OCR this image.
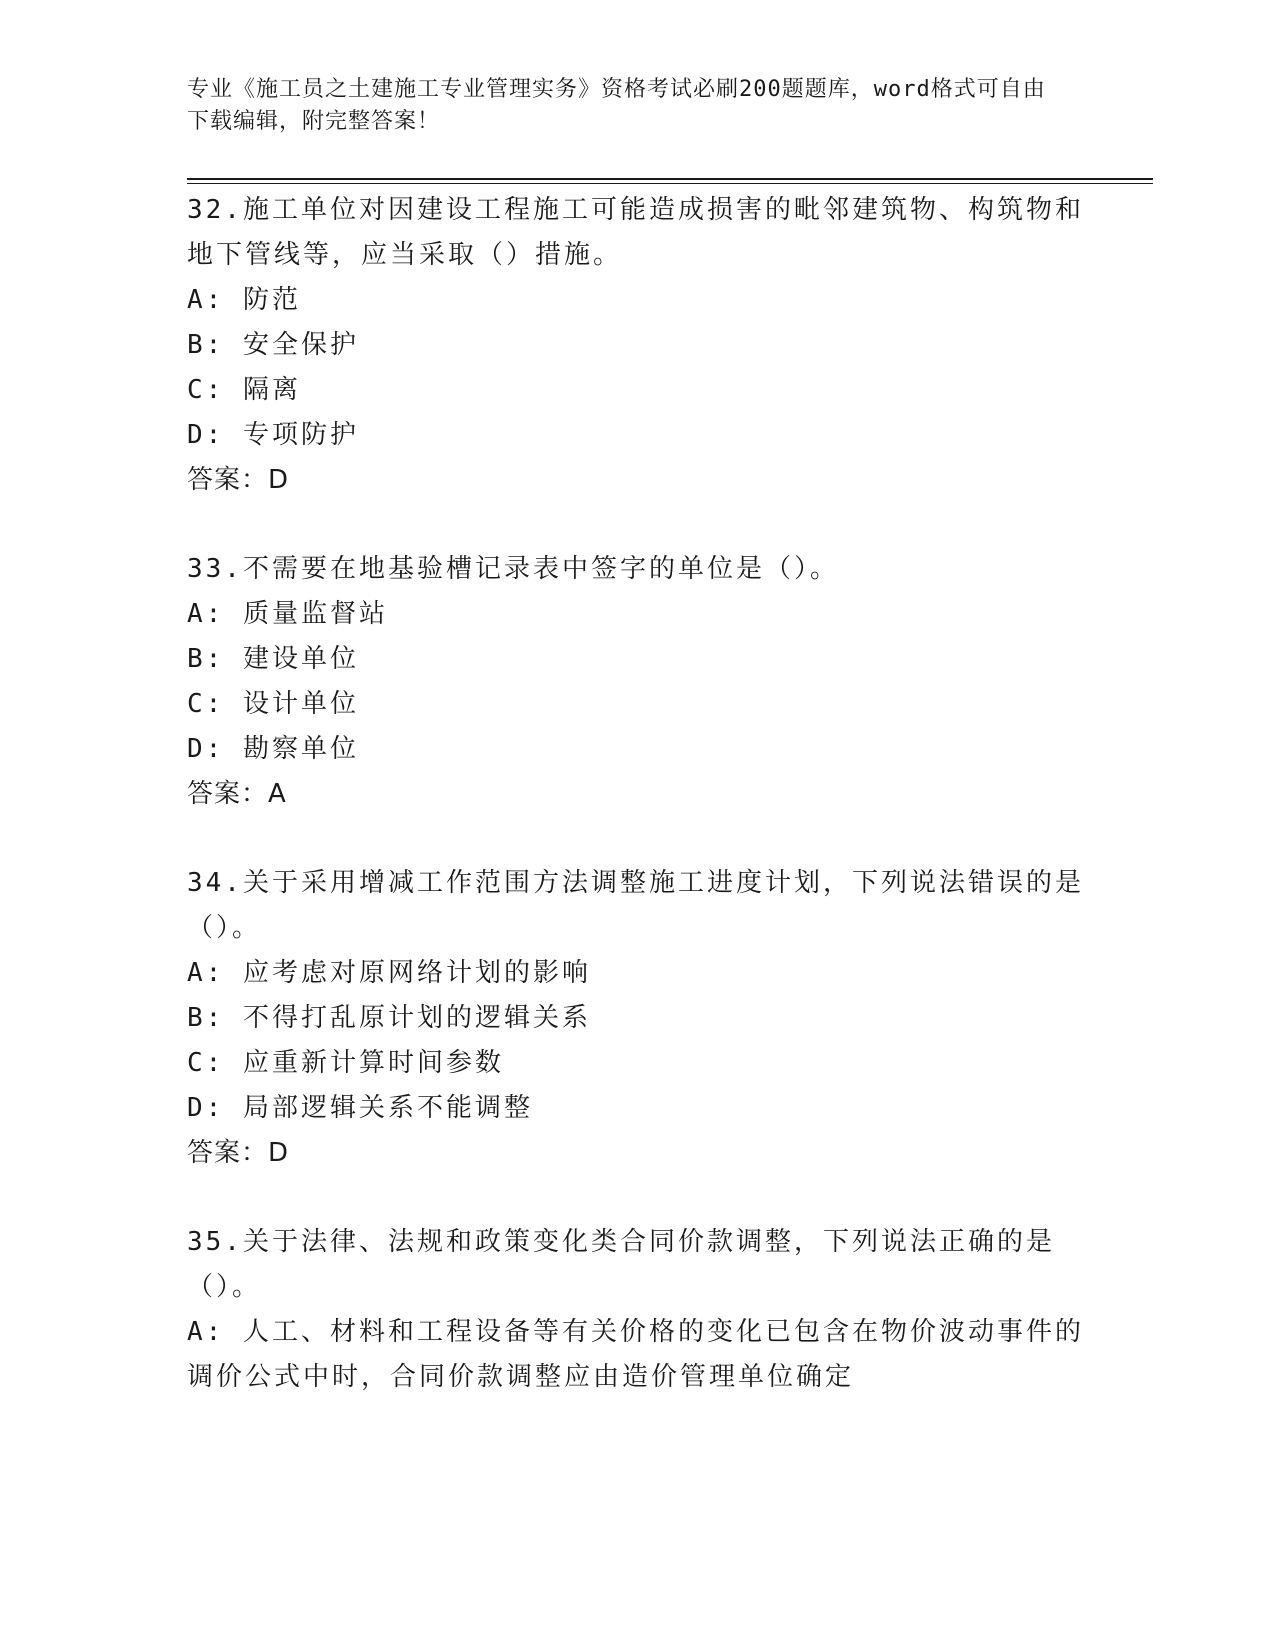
专业《施工员之土建施工专业管理实务》资格考试必刷200题题库，word格式可自由下载编辑，附完整答案！
32.施工单位对因建设工程施工可能造成损害的毗邻建筑物、构筑物和地下管线等，应当采取（）措施。
A: 防范
B: 安全保护
C: 隔离
D: 专项防护
答案：D
33.不需要在地基验槽记录表中签字的单位是（）。
A: 质量监督站
B: 建设单位
C: 设计单位
D: 勘察单位
答案：A
34.关于采用增减工作范围方法调整施工进度计划，下列说法错误的是（）。
A: 应考虑对原网络计划的影响
B: 不得打乱原计划的逻辑关系
C: 应重新计算时间参数
D: 局部逻辑关系不能调整
答案：D
35.关于法律、法规和政策变化类合同价款调整，下列说法正确的是（）。
A: 人工、材料和工程设备等有关价格的变化已包含在物价波动事件的调价公式中时，合同价款调整应由造价管理单位确定
